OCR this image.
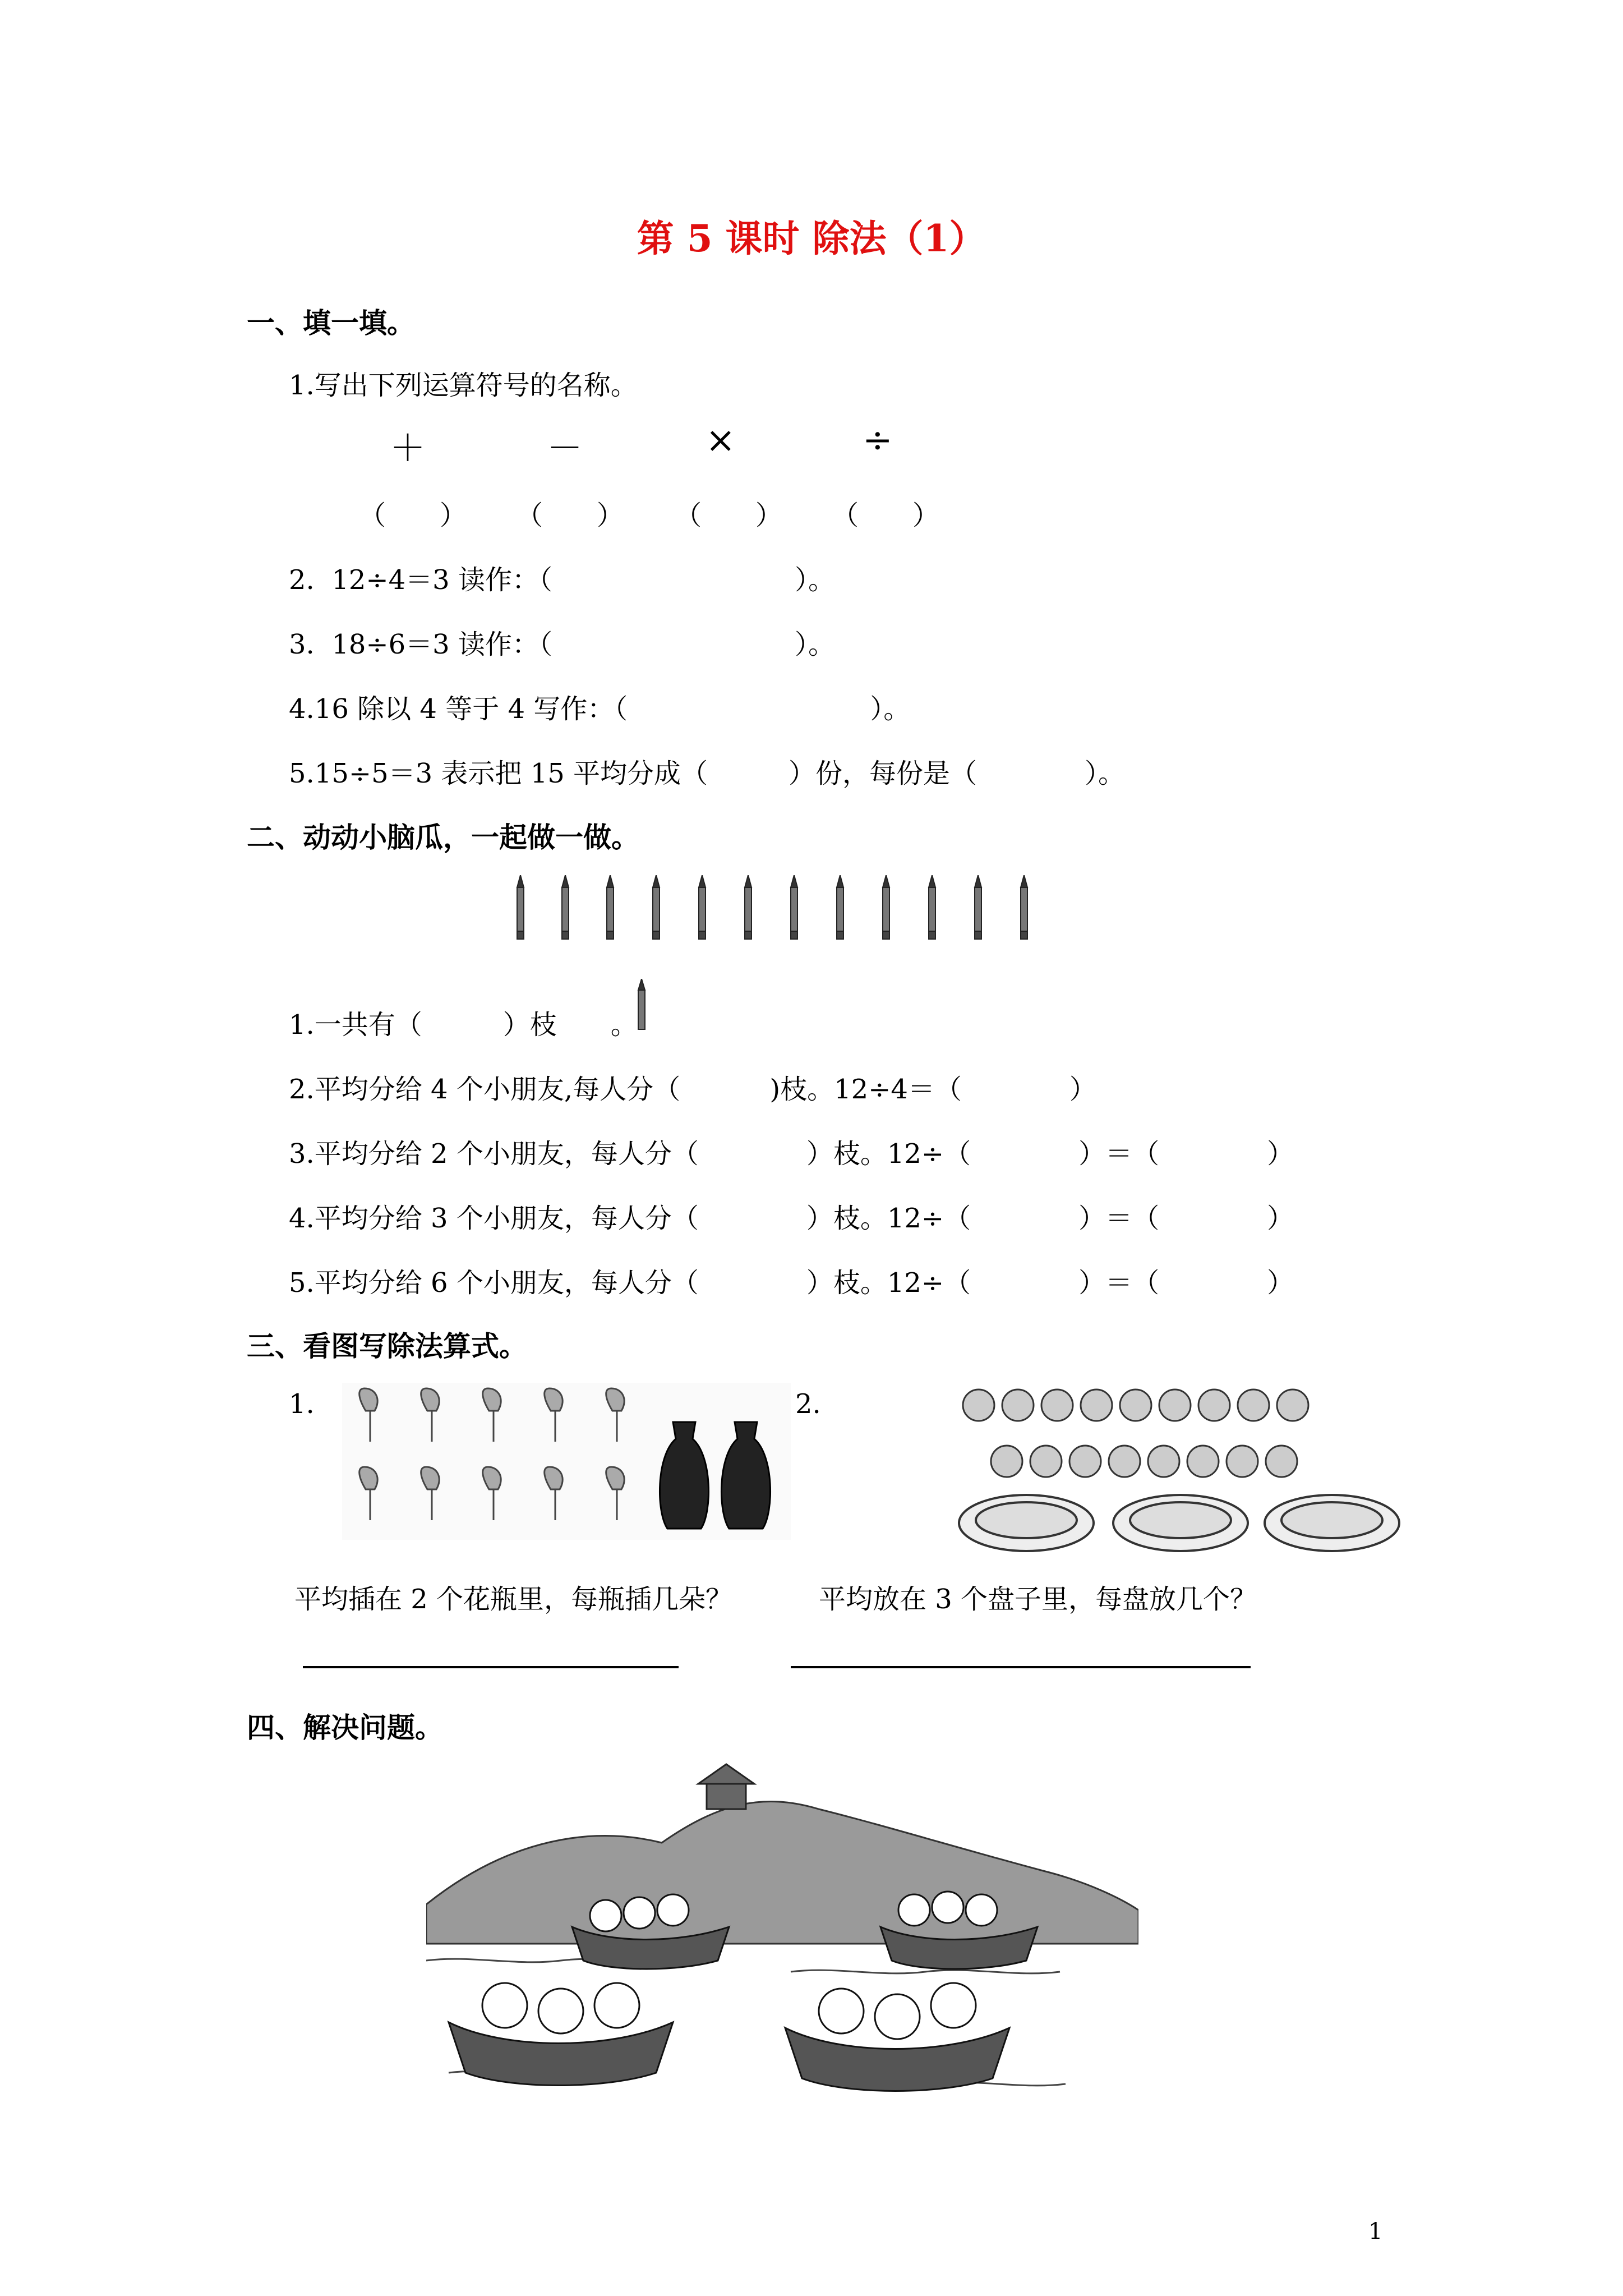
第 5 课时 除法（1）
一、填一填。
1.写出下列运算符号的名称。
＋	－	×	÷
（　　） （　　） （　　） （　　）
2.  12÷4＝3 读作：（　　　　　　　　　）。
3.  18÷6＝3 读作：（　　　　　　　　　）。
4.16 除以 4 等于 4 写作：（　　　　　　　　　）。
5.15÷5＝3 表示把 15 平均分成（　　　）份，每份是（　　　　）。
二、动动小脑瓜，一起做一做。
1.一共有（　　　）枝　　。
2.平均分给 4 个小朋友,每人分（　　　 )枝。12÷4＝（　　　　）
3.平均分给 2 个小朋友，每人分（　　　　）枝。12÷（　　　　）＝（　　　　）
4.平均分给 3 个小朋友，每人分（　　　　）枝。12÷（　　　　）＝（　　　　）
5.平均分给 6 个小朋友，每人分（　　　　）枝。12÷（　　　　）＝（　　　　）
三、看图写除法算式。
1.	2.
平均插在 2 个花瓶里，每瓶插几朵？	平均放在 3 个盘子里，每盘放几个？
四、解决问题。
1
